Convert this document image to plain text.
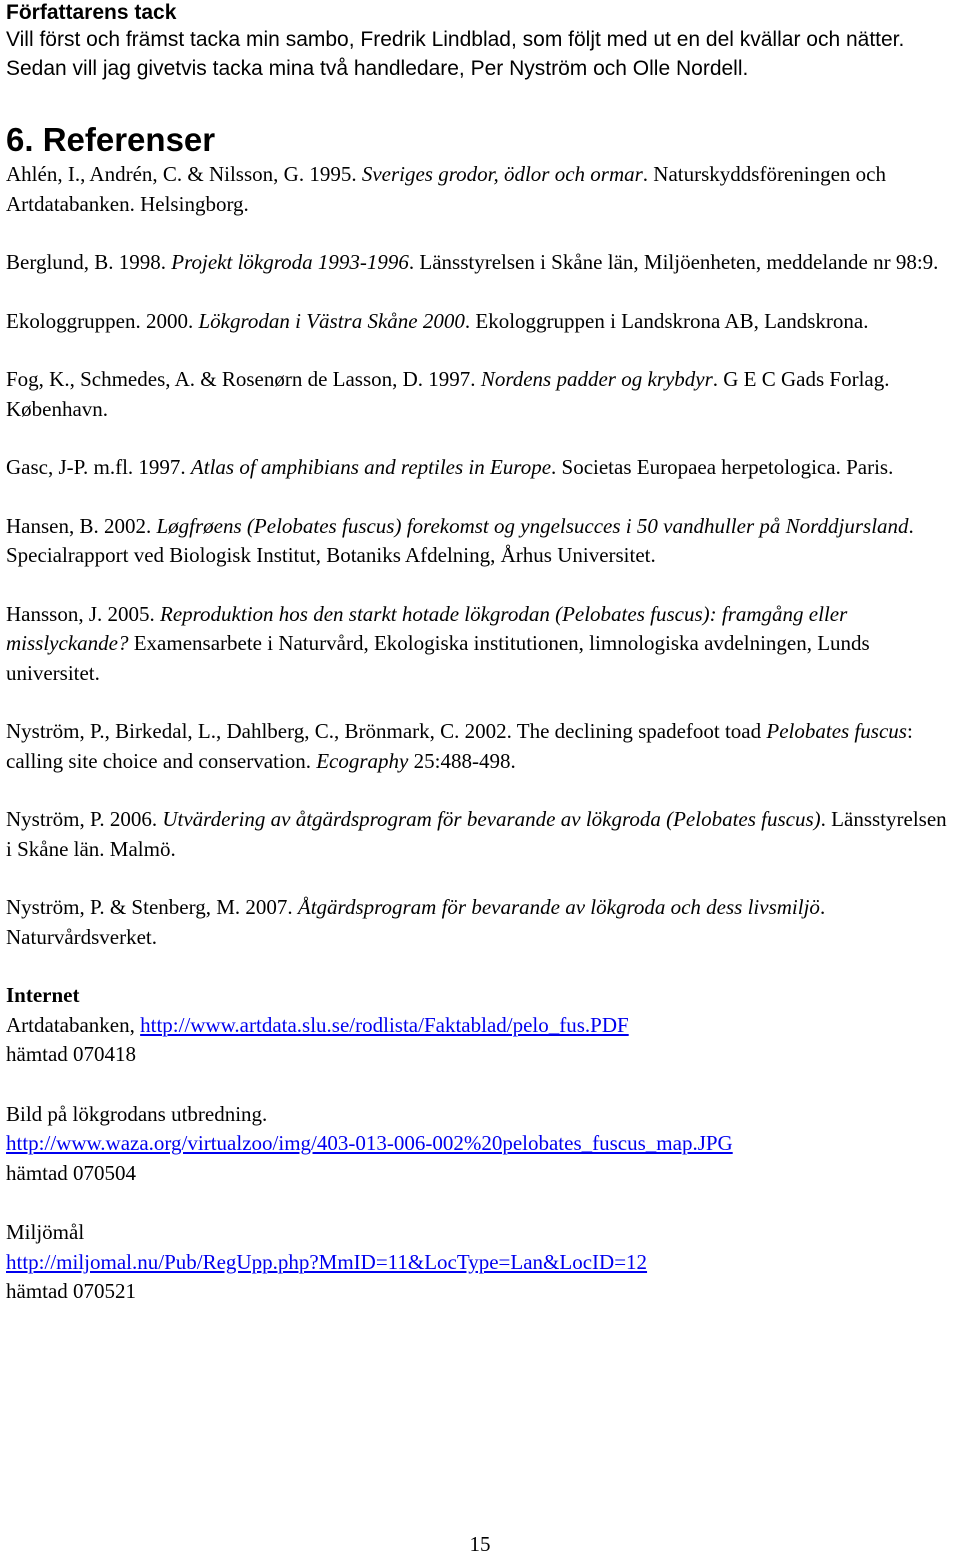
Författarens tack

Vill först och främst tacka min sambo, Fredrik Lindblad, som följt med ut en del kvällar och nätter. Sedan vill jag givetvis tacka mina två handledare, Per Nyström och Olle Nordell.

6. Referenser

Ahlén, I., Andrén, C. & Nilsson, G. 1995. Sveriges grodor, ödlor och ormar. Naturskyddsföreningen och Artdatabanken. Helsingborg.

Berglund, B. 1998. Projekt lökgroda 1993-1996. Länsstyrelsen i Skåne län, Miljöenheten, meddelande nr 98:9.

Ekologgruppen. 2000. Lökgrodan i Västra Skåne 2000. Ekologgruppen i Landskrona AB, Landskrona.

Fog, K., Schmedes, A. & Rosenørn de Lasson, D. 1997. Nordens padder og krybdyr. G E C Gads Forlag. København.

Gasc, J-P. m.fl. 1997. Atlas of amphibians and reptiles in Europe. Societas Europaea herpetologica. Paris.

Hansen, B. 2002. Løgfrøens (Pelobates fuscus) forekomst og yngelsucces i 50 vandhuller på Norddjursland. Specialrapport ved Biologisk Institut, Botaniks Afdelning, Århus Universitet.

Hansson, J. 2005. Reproduktion hos den starkt hotade lökgrodan (Pelobates fuscus): framgång eller misslyckande? Examensarbete i Naturvård, Ekologiska institutionen, limnologiska avdelningen, Lunds universitet.

Nyström, P., Birkedal, L., Dahlberg, C., Brönmark, C. 2002. The declining spadefoot toad Pelobates fuscus: calling site choice and conservation. Ecography 25:488-498.

Nyström, P. 2006. Utvärdering av åtgärdsprogram för bevarande av lökgroda (Pelobates fuscus). Länsstyrelsen i Skåne län. Malmö.

Nyström, P. & Stenberg, M. 2007. Åtgärdsprogram för bevarande av lökgroda och dess livsmiljö. Naturvårdsverket.

Internet

Artdatabanken, http://www.artdata.slu.se/rodlista/Faktablad/pelo_fus.PDF
hämtad 070418
Bild på lökgrodans utbredning.
http://www.waza.org/virtualzoo/img/403-013-006-002%20pelobates_fuscus_map.JPG
hämtad 070504
Miljömål
http://miljomal.nu/Pub/RegUpp.php?MmID=11&LocType=Lan&LocID=12
hämtad 070521
15
